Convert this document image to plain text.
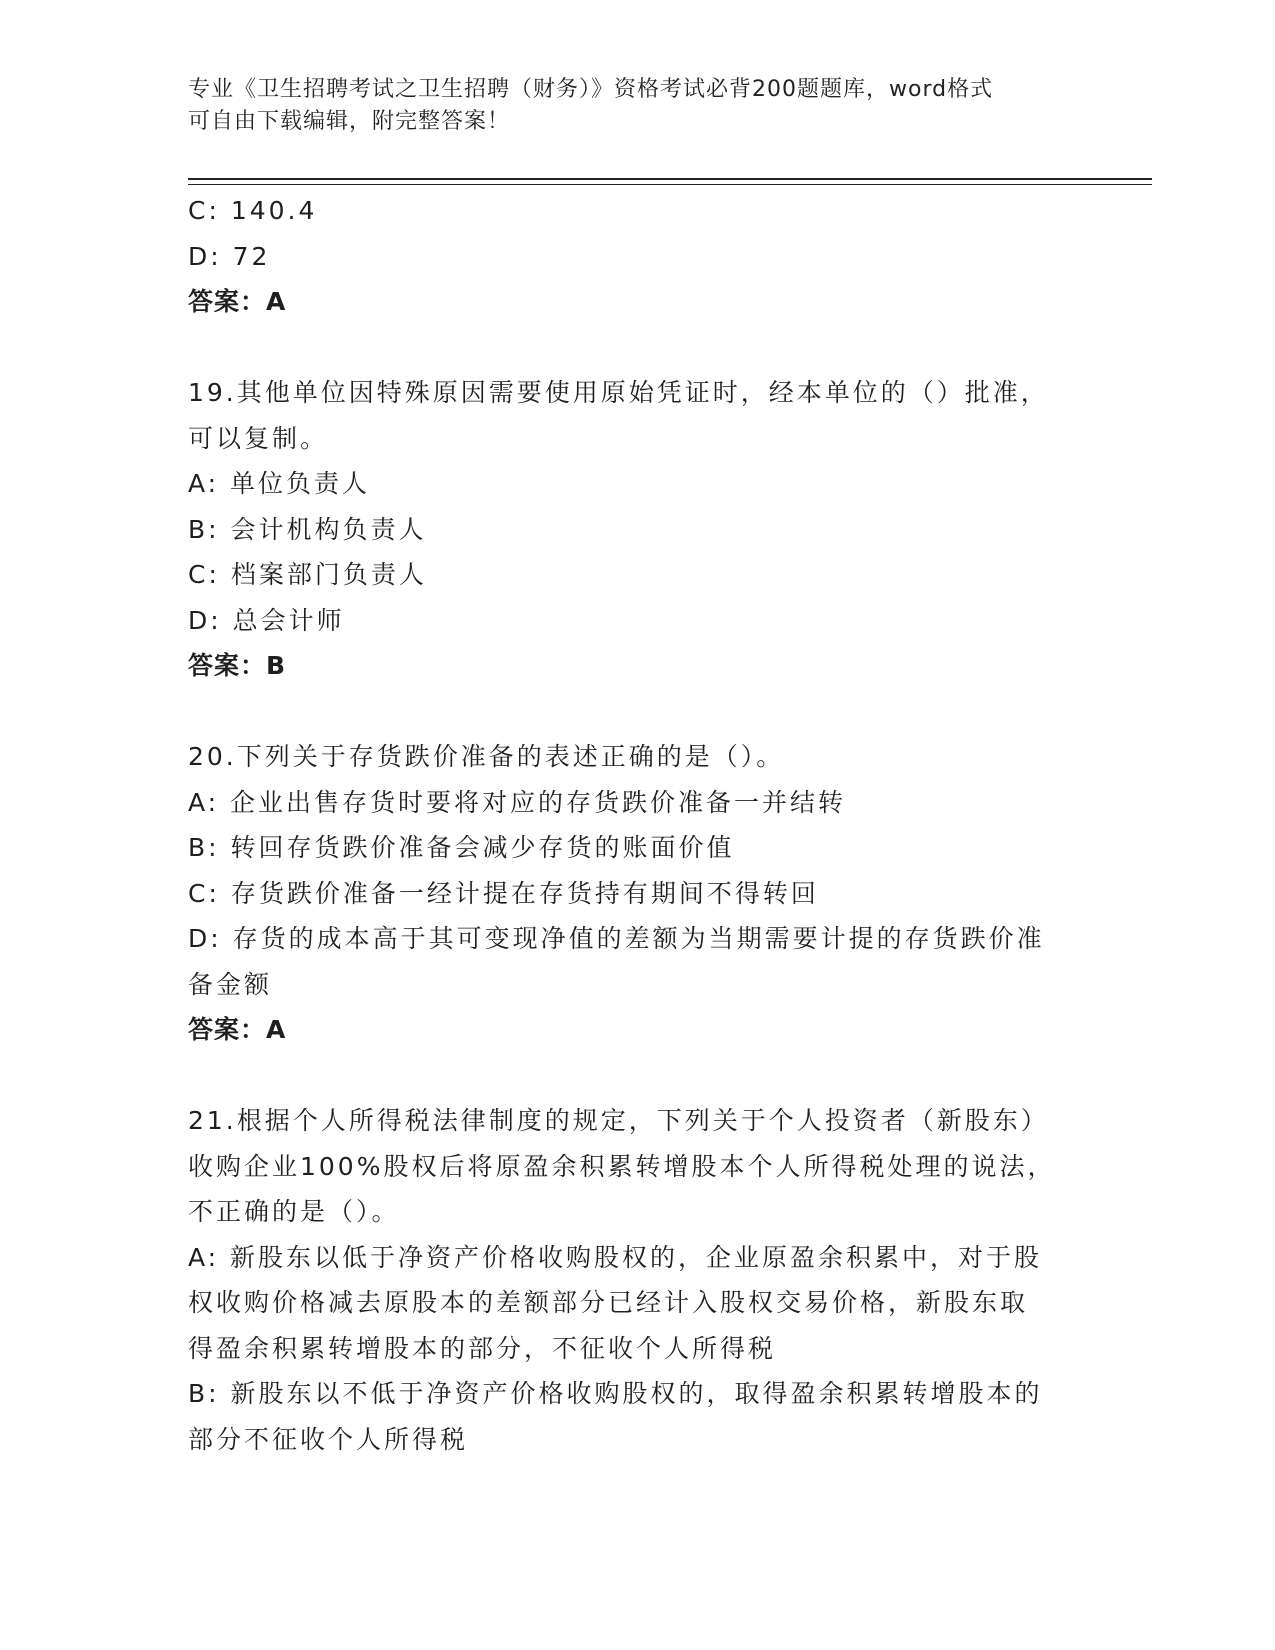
专业《卫生招聘考试之卫生招聘（财务）》资格考试必背200题题库，word格式
可自由下载编辑，附完整答案！
C: 140.4
D: 72
答案：A
19.其他单位因特殊原因需要使用原始凭证时，经本单位的（）批准，
可以复制。
A: 单位负责人
B: 会计机构负责人
C: 档案部门负责人
D: 总会计师
答案：B
20.下列关于存货跌价准备的表述正确的是（）。
A: 企业出售存货时要将对应的存货跌价准备一并结转
B: 转回存货跌价准备会减少存货的账面价值
C: 存货跌价准备一经计提在存货持有期间不得转回
D: 存货的成本高于其可变现净值的差额为当期需要计提的存货跌价准
备金额
答案：A
21.根据个人所得税法律制度的规定，下列关于个人投资者（新股东）
收购企业100%股权后将原盈余积累转增股本个人所得税处理的说法，
不正确的是（）。
A: 新股东以低于净资产价格收购股权的，企业原盈余积累中，对于股
权收购价格减去原股本的差额部分已经计入股权交易价格，新股东取
得盈余积累转增股本的部分，不征收个人所得税
B: 新股东以不低于净资产价格收购股权的，取得盈余积累转增股本的
部分不征收个人所得税
